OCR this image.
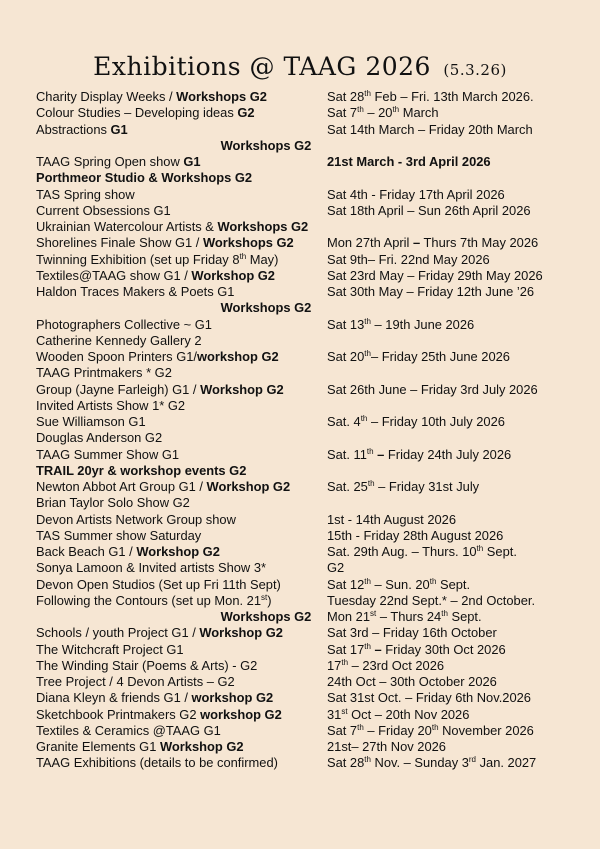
Exhibitions @ TAAG 2026 (5.3.26)
Charity Display Weeks / Workshops G2	Sat 28th Feb – Fri. 13th March 2026.
Colour Studies – Developing ideas G2	Sat 7th – 20th March
Abstractions G1	Sat 14th March – Friday 20th March
Workshops G2
TAAG Spring Open show G1	21st March - 3rd April 2026
Porthmeor Studio & Workshops G2
TAS Spring show	Sat 4th - Friday 17th April 2026
Current Obsessions G1	Sat 18th April – Sun 26th April 2026
Ukrainian Watercolour Artists & Workshops G2
Shorelines Finale Show G1 / Workshops G2	Mon 27th April – Thurs 7th May 2026
Twinning Exhibition (set up Friday 8th May)	Sat 9th– Fri. 22nd May 2026
Textiles@TAAG show G1 / Workshop G2	Sat 23rd May – Friday 29th May 2026
Haldon Traces Makers & Poets G1	Sat 30th May – Friday 12th June ’26
Workshops G2
Photographers Collective ~ G1	Sat 13th – 19th June 2026
Catherine Kennedy Gallery 2
Wooden Spoon Printers G1/workshop G2	Sat 20th– Friday 25th June 2026
TAAG Printmakers * G2
Group (Jayne Farleigh) G1 / Workshop G2	Sat 26th June – Friday 3rd July 2026
Invited Artists Show 1* G2
Sue Williamson G1	Sat. 4th – Friday 10th July 2026
Douglas Anderson G2
TAAG Summer Show G1	Sat. 11th – Friday 24th July 2026
TRAIL 20yr & workshop events G2
Newton Abbot Art Group G1 / Workshop G2	Sat. 25th – Friday 31st July
Brian Taylor Solo Show G2
Devon Artists Network Group show	1st - 14th August 2026
TAS Summer show Saturday	15th - Friday 28th August 2026
Back Beach G1 / Workshop G2	Sat. 29th Aug. – Thurs. 10th Sept.
Sonya Lamoon & Invited artists Show 3*	G2
Devon Open Studios (Set up Fri 11th Sept)	Sat 12th – Sun. 20th Sept.
Following the Contours (set up Mon. 21st)	Tuesday 22nd Sept.* – 2nd October.
Workshops G2	Mon 21st – Thurs 24th Sept.
Schools / youth Project G1 / Workshop G2	Sat 3rd – Friday 16th October
The Witchcraft Project G1	Sat 17th – Friday 30th Oct 2026
The Winding Stair (Poems & Arts) - G2	17th – 23rd Oct 2026
Tree Project / 4 Devon Artists – G2	24th Oct – 30th October 2026
Diana Kleyn & friends G1 / workshop G2	Sat 31st Oct. – Friday 6th Nov.2026
Sketchbook Printmakers G2 workshop G2	31st Oct – 20th Nov 2026
Textiles & Ceramics @TAAG G1	Sat 7th – Friday 20th November 2026
Granite Elements G1 Workshop G2	21st– 27th Nov 2026
TAAG Exhibitions (details to be confirmed)	Sat 28th Nov. – Sunday 3rd Jan. 2027
